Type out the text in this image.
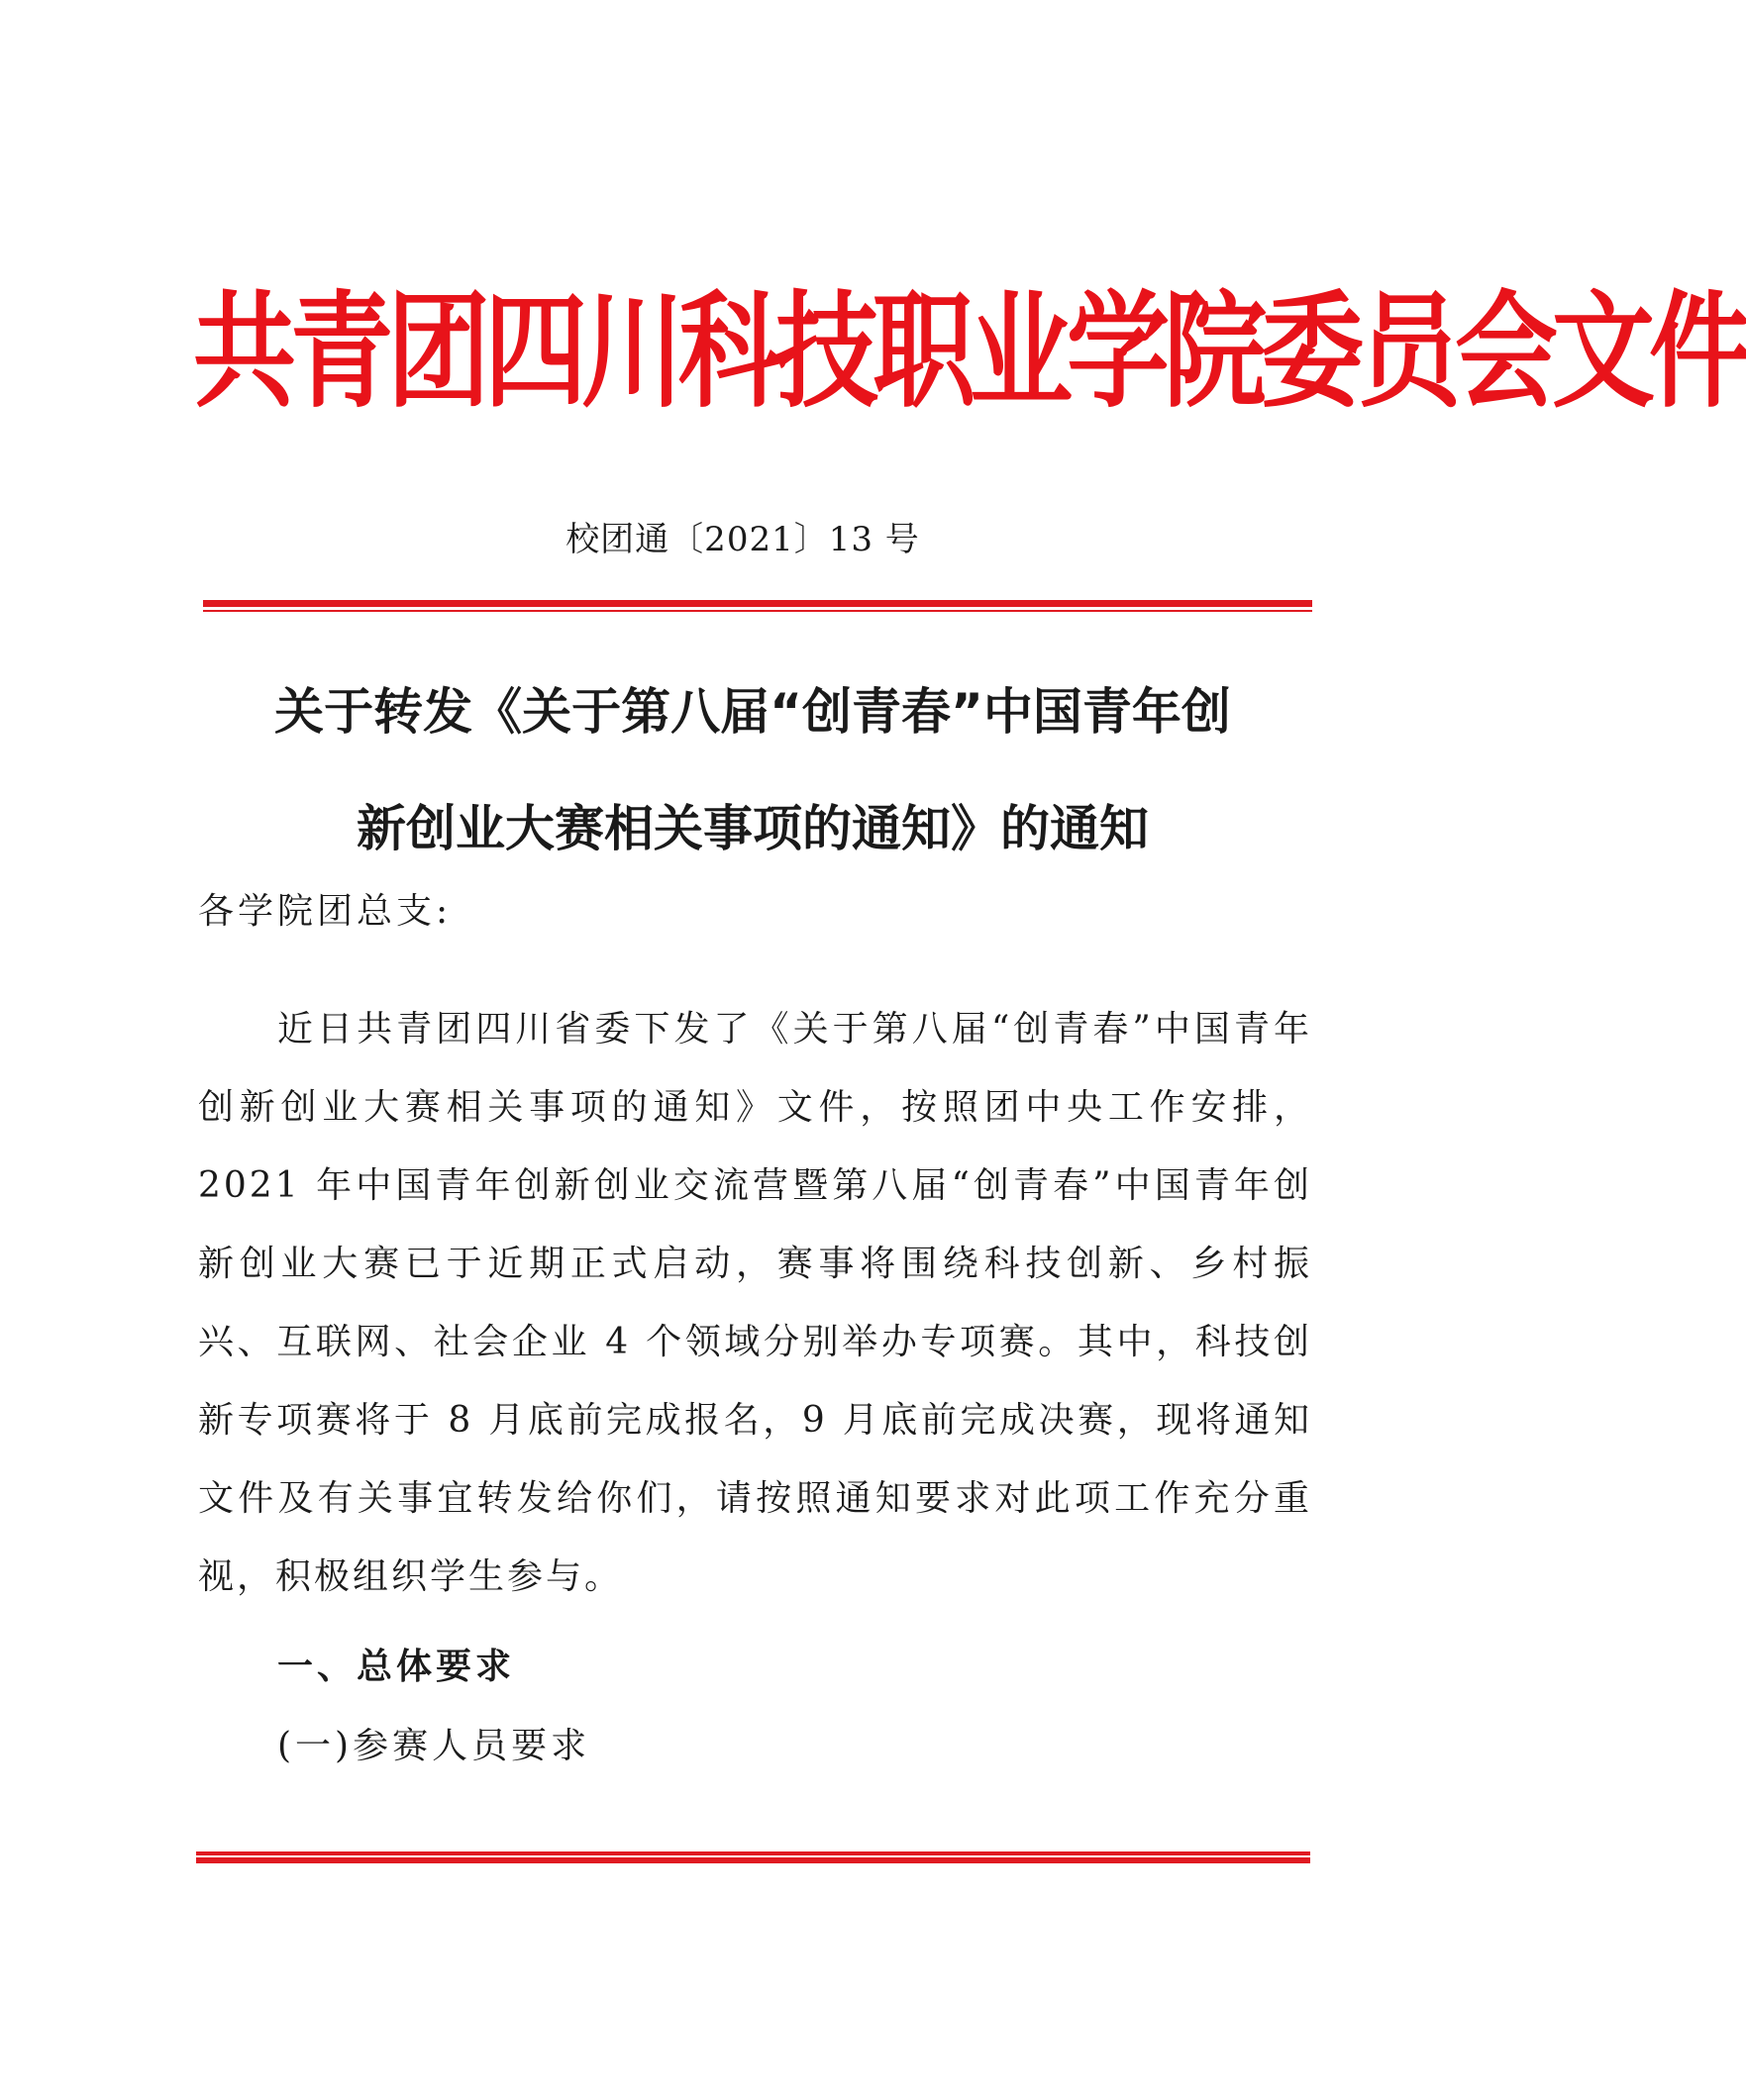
共青团四川科技职业学院委员会文件
校团通〔2021〕13 号
关于转发《关于第八届“创青春”中国青年创
新创业大赛相关事项的通知》的通知
各学院团总支:

近日共青团四川省委下发了《关于第八届“创青春”中国青年创新创业大赛相关事项的通知》文件，按照团中央工作安排，2021 年中国青年创新创业交流营暨第八届“创青春”中国青年创新创业大赛已于近期正式启动，赛事将围绕科技创新、乡村振兴、互联网、社会企业 4 个领域分别举办专项赛。其中，科技创新专项赛将于 8 月底前完成报名，9 月底前完成决赛，现将通知文件及有关事宜转发给你们，请按照通知要求对此项工作充分重视，积极组织学生参与。

一、总体要求
(一)参赛人员要求
